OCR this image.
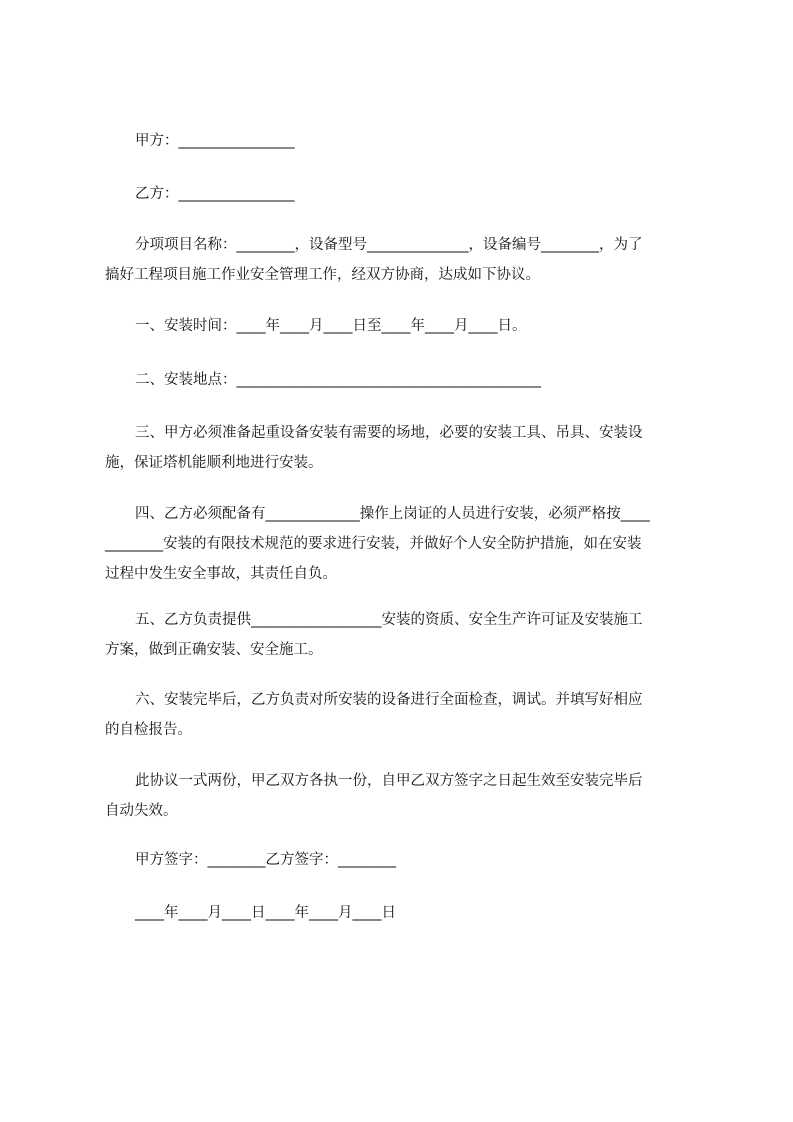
甲方：________________
乙方：________________
分项项目名称：________，设备型号______________，设备编号________，为了
搞好工程项目施工作业安全管理工作，经双方协商，达成如下协议。
一、安装时间：____年____月____日至____年____月____日。
二、安装地点：__________________________________________
三、甲方必须准备起重设备安装有需要的场地，必要的安装工具、吊具、安装设
施，保证塔机能顺利地进行安装。
四、乙方必须配备有_____________操作上岗证的人员进行安装，必须严格按____
________安装的有限技术规范的要求进行安装，并做好个人安全防护措施，如在安装
过程中发生安全事故，其责任自负。
五、乙方负责提供__________________安装的资质、安全生产许可证及安装施工
方案，做到正确安装、安全施工。
六、安装完毕后，乙方负责对所安装的设备进行全面检查，调试。并填写好相应
的自检报告。
此协议一式两份，甲乙双方各执一份，自甲乙双方签字之日起生效至安装完毕后
自动失效。
甲方签字：________乙方签字：________
____年____月____日____年____月____日
